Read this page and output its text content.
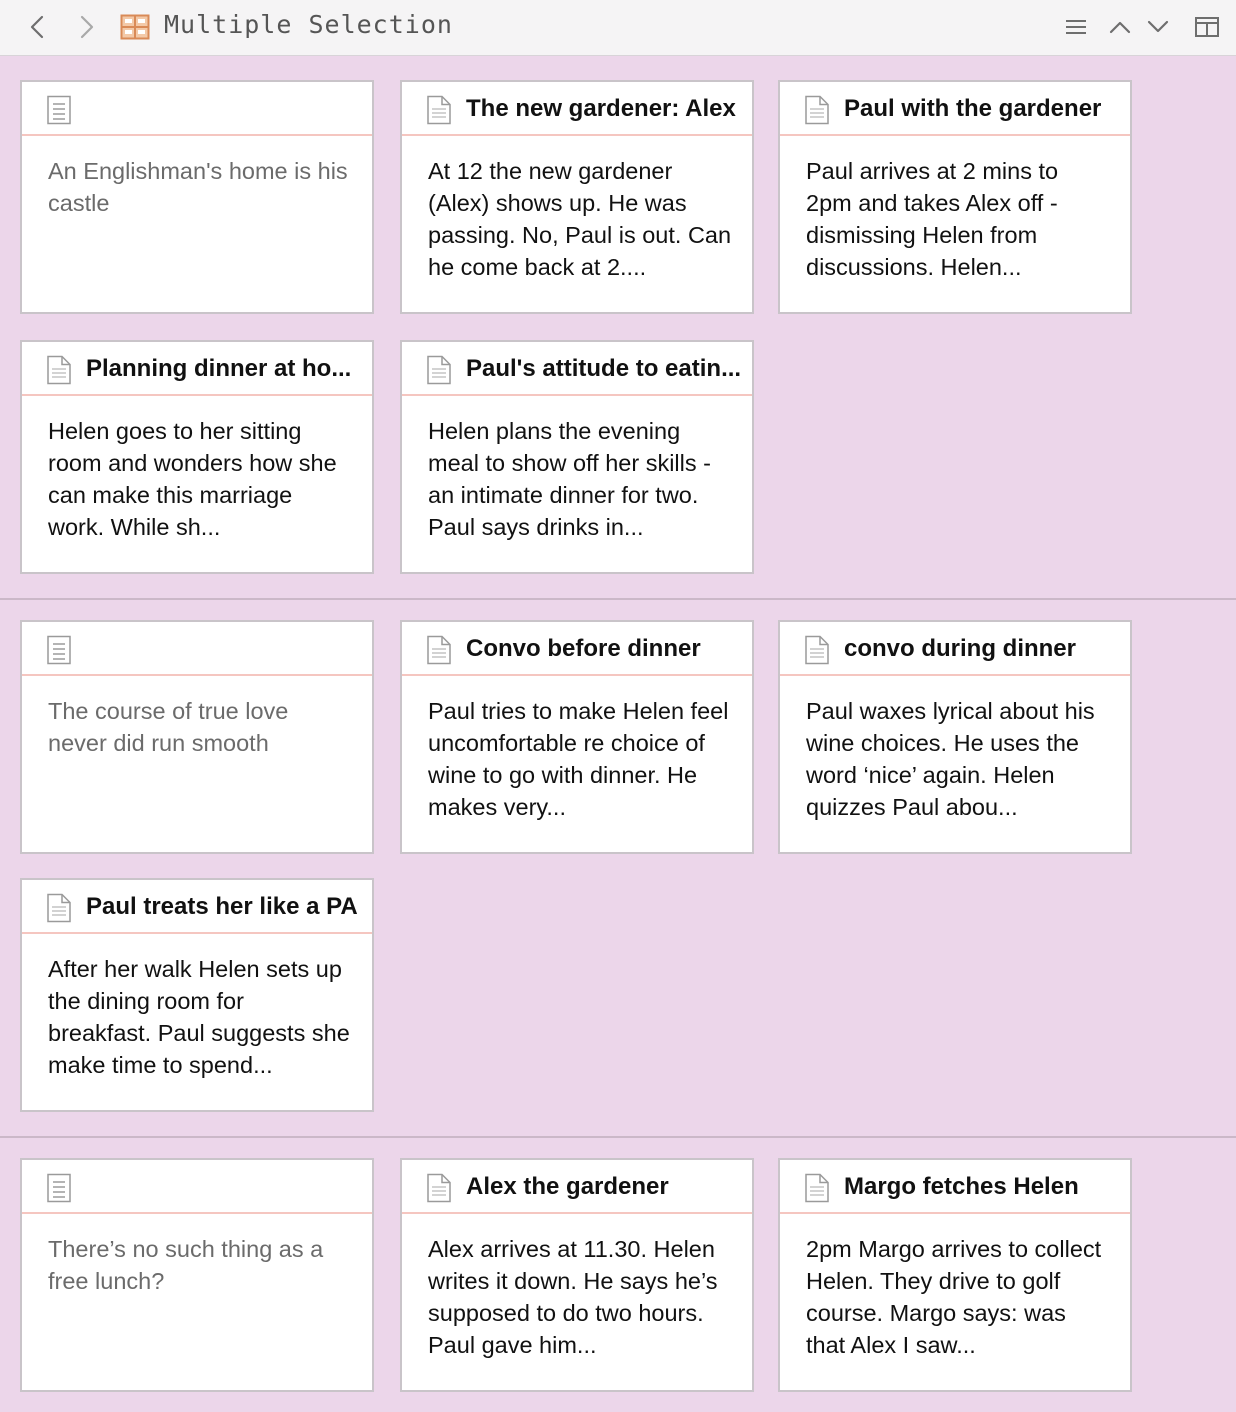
Multiple Selection
An Englishman's home is his castle
The new gardener: Alex
At 12 the new gardener (Alex) shows up. He was passing. No, Paul is out. Can he come back at 2....
Paul with the gardener
Paul arrives at 2 mins to 2pm and takes Alex off - dismissing Helen from discussions. Helen...
Planning dinner at ho...
Helen goes to her sitting room and wonders how she can make this marriage work. While sh...
Paul's attitude to eatin...
Helen plans the evening meal to show off her skills - an intimate dinner for two. Paul says drinks in...
The course of true love never did run smooth
Convo before dinner
Paul tries to make Helen feel uncomfortable re choice of wine to go with dinner. He makes very...
convo during dinner
Paul waxes lyrical about his wine choices. He uses the word ‘nice’ again. Helen quizzes Paul abou...
Paul treats her like a PA
After her walk Helen sets up the dining room for breakfast. Paul suggests she make time to spend...
There’s no such thing as a free lunch?
Alex the gardener
Alex arrives at 11.30. Helen writes it down. He says he’s supposed to do two hours. Paul gave him...
Margo fetches Helen
2pm Margo arrives to collect Helen. They drive to golf course. Margo says: was that Alex I saw...
